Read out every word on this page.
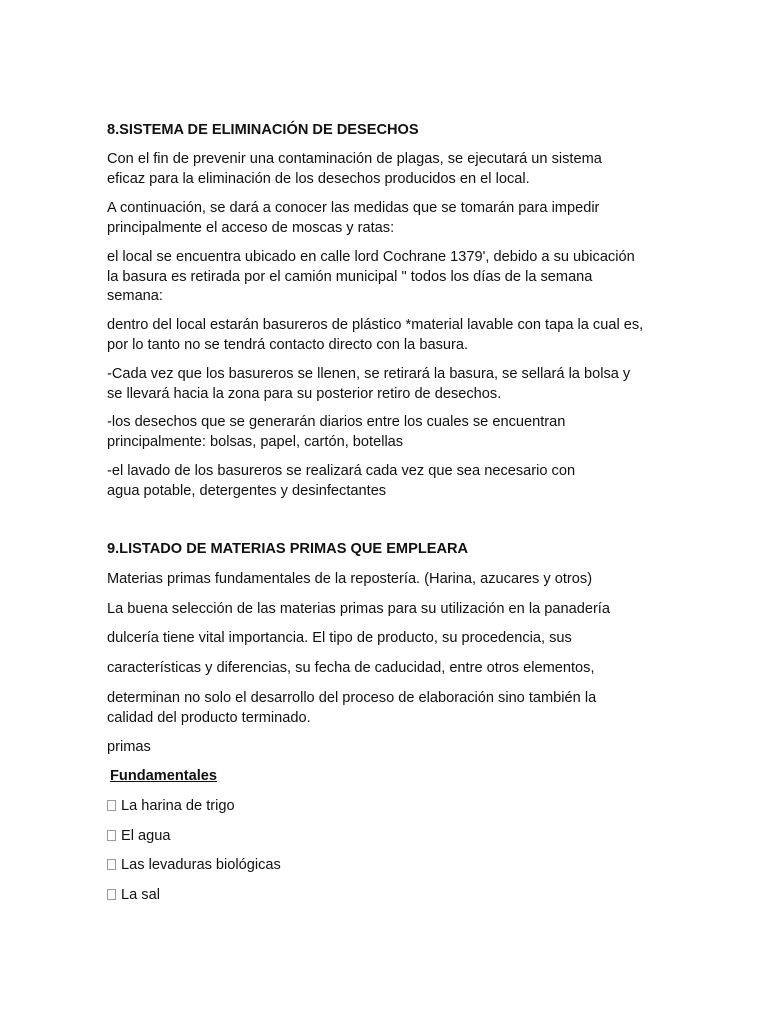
8.SISTEMA DE ELIMINACIÓN DE DESECHOS
Con el fin de prevenir una contaminación de plagas, se ejecutará un sistema
eficaz para la eliminación de los desechos producidos en el local.
A continuación, se dará a conocer las medidas que se tomarán para impedir
principalmente el acceso de moscas y ratas:
el local se encuentra ubicado en calle lord Cochrane 1379', debido a su ubicación
la basura es retirada por el camión municipal " todos los días de la semana
semana:
dentro del local estarán basureros de plástico *material lavable con tapa la cual es,
por lo tanto no se tendrá contacto directo con la basura.
-Cada vez que los basureros se llenen, se retirará la basura, se sellará la bolsa y
se llevará hacia la zona para su posterior retiro de desechos.
-los desechos que se generarán diarios entre los cuales se encuentran
principalmente: bolsas, papel, cartón, botellas
-el lavado de los basureros se realizará cada vez que sea necesario con
agua potable, detergentes y desinfectantes
9.LISTADO DE MATERIAS PRIMAS QUE EMPLEARA
Materias primas fundamentales de la repostería. (Harina, azucares y otros)
La buena selección de las materias primas para su utilización en la panadería
dulcería tiene vital importancia. El tipo de producto, su procedencia, sus
características y diferencias, su fecha de caducidad, entre otros elementos,
determinan no solo el desarrollo del proceso de elaboración sino también la
calidad del producto terminado.
primas
Fundamentales
La harina de trigo
El agua
Las levaduras biológicas
La sal
